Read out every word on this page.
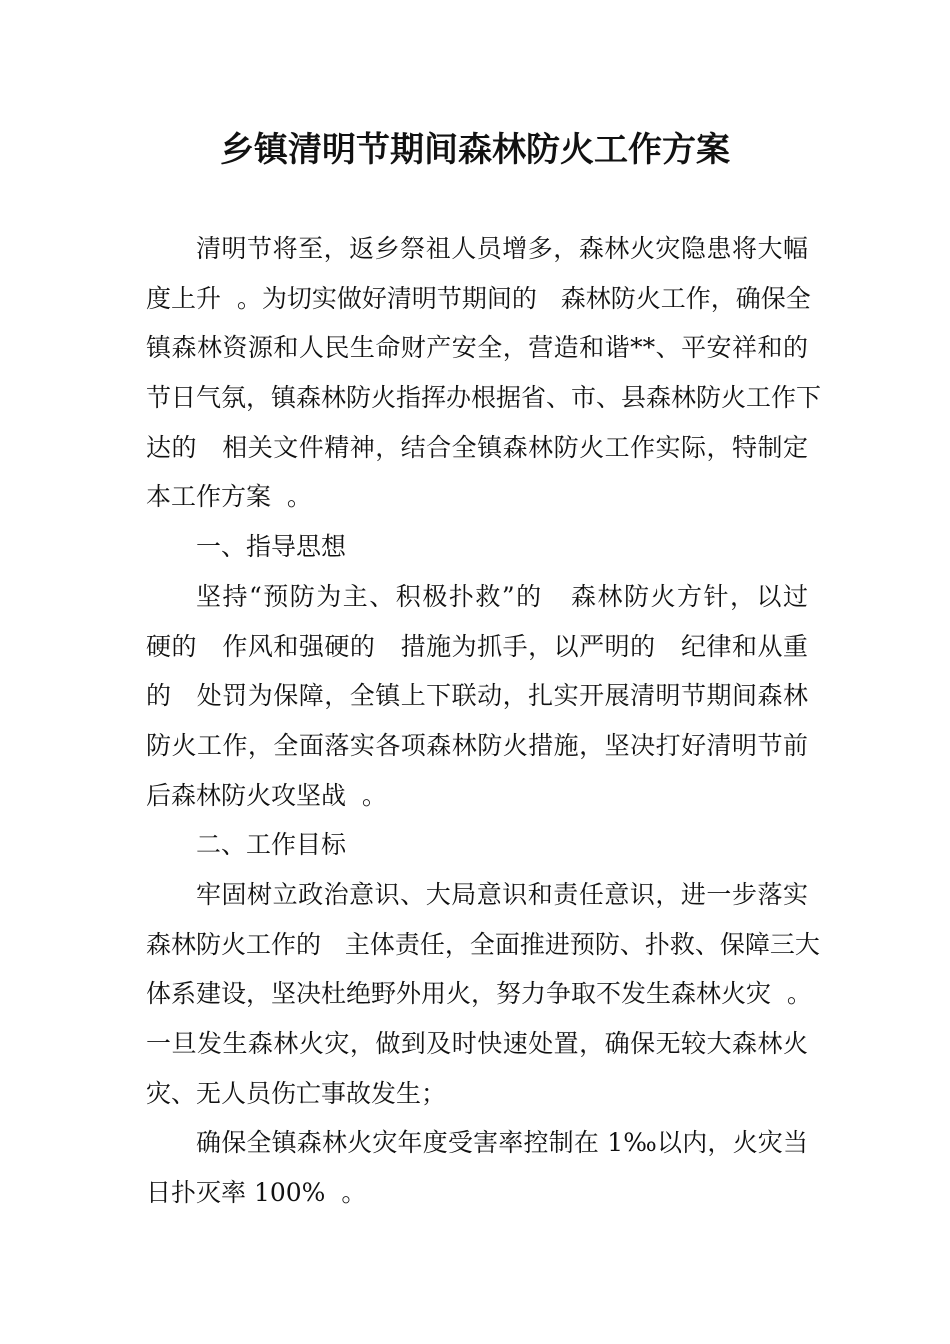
乡镇清明节期间森林防火工作方案
清明节将至，返乡祭祖人员增多，森林火灾隐患将大幅
度上升  。为切实做好清明节期间的   森林防火工作，确保全
镇森林资源和人民生命财产安全，营造和谐**、平安祥和的
节日气氛，镇森林防火指挥办根据省、市、县森林防火工作下
达的   相关文件精神，结合全镇森林防火工作实际，特制定
本工作方案  。
一、指导思想
坚持“预防为主、积极扑救”的   森林防火方针，以过
硬的   作风和强硬的   措施为抓手，以严明的   纪律和从重
的   处罚为保障，全镇上下联动，扎实开展清明节期间森林
防火工作，全面落实各项森林防火措施，坚决打好清明节前
后森林防火攻坚战  。
二、工作目标
牢固树立政治意识、大局意识和责任意识，进一步落实
森林防火工作的   主体责任，全面推进预防、扑救、保障三大
体系建设，坚决杜绝野外用火，努力争取不发生森林火灾  。
一旦发生森林火灾，做到及时快速处置，确保无较大森林火
灾、无人员伤亡事故发生；
确保全镇森林火灾年度受害率控制在 1‰以内，火灾当
日扑灭率 100%  。
